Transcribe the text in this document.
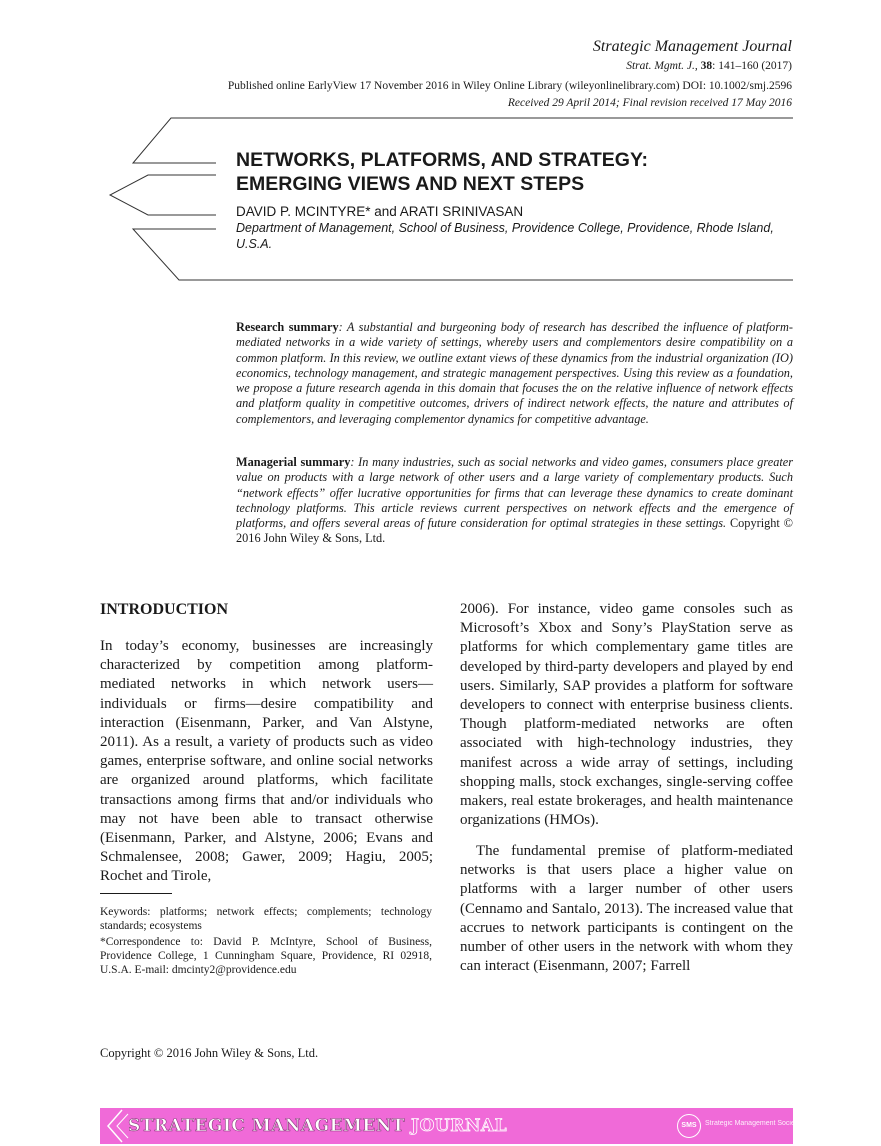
Strategic Management Journal
Strat. Mgmt. J., 38: 141–160 (2017)
Published online EarlyView 17 November 2016 in Wiley Online Library (wileyonlinelibrary.com) DOI: 10.1002/smj.2596
Received 29 April 2014; Final revision received 17 May 2016
NETWORKS, PLATFORMS, AND STRATEGY:
EMERGING VIEWS AND NEXT STEPS
DAVID P. MCINTYRE* and ARATI SRINIVASAN
Department of Management, School of Business, Providence College, Providence, Rhode Island, U.S.A.
Research summary: A substantial and burgeoning body of research has described the influence of platform-mediated networks in a wide variety of settings, whereby users and complementors desire compatibility on a common platform. In this review, we outline extant views of these dynamics from the industrial organization (IO) economics, technology management, and strategic management perspectives. Using this review as a foundation, we propose a future research agenda in this domain that focuses the on the relative influence of network effects and platform quality in competitive outcomes, drivers of indirect network effects, the nature and attributes of complementors, and leveraging complementor dynamics for competitive advantage.
Managerial summary: In many industries, such as social networks and video games, consumers place greater value on products with a large network of other users and a large variety of complementary products. Such “network effects” offer lucrative opportunities for firms that can leverage these dynamics to create dominant technology platforms. This article reviews current perspectives on network effects and the emergence of platforms, and offers several areas of future consideration for optimal strategies in these settings. Copyright © 2016 John Wiley & Sons, Ltd.
INTRODUCTION
In today’s economy, businesses are increasingly characterized by competition among platform-mediated networks in which network users—individuals or firms—desire compatibility and interaction (Eisenmann, Parker, and Van Alstyne, 2011). As a result, a variety of products such as video games, enterprise software, and online social networks are organized around platforms, which facilitate transactions among firms that and/or individuals who may not have been able to transact otherwise (Eisenmann, Parker, and Alstyne, 2006; Evans and Schmalensee, 2008; Gawer, 2009; Hagiu, 2005; Rochet and Tirole,
Keywords: platforms; network effects; complements; technology standards; ecosystems
*Correspondence to: David P. McIntyre, School of Business, Providence College, 1 Cunningham Square, Providence, RI 02918, U.S.A. E-mail: dmcinty2@providence.edu
2006). For instance, video game consoles such as Microsoft’s Xbox and Sony’s PlayStation serve as platforms for which complementary game titles are developed by third-party developers and played by end users. Similarly, SAP provides a platform for software developers to connect with enterprise business clients. Though platform-mediated networks are often associated with high-technology industries, they manifest across a wide array of settings, including shopping malls, stock exchanges, single-serving coffee makers, real estate brokerages, and health maintenance organizations (HMOs).
The fundamental premise of platform-mediated networks is that users place a higher value on platforms with a larger number of other users (Cennamo and Santalo, 2013). The increased value that accrues to network participants is contingent on the number of other users in the network with whom they can interact (Eisenmann, 2007; Farrell
Copyright © 2016 John Wiley & Sons, Ltd.
STRATEGIC MANAGEMENT JOURNAL	SMS	Strategic Management Society
